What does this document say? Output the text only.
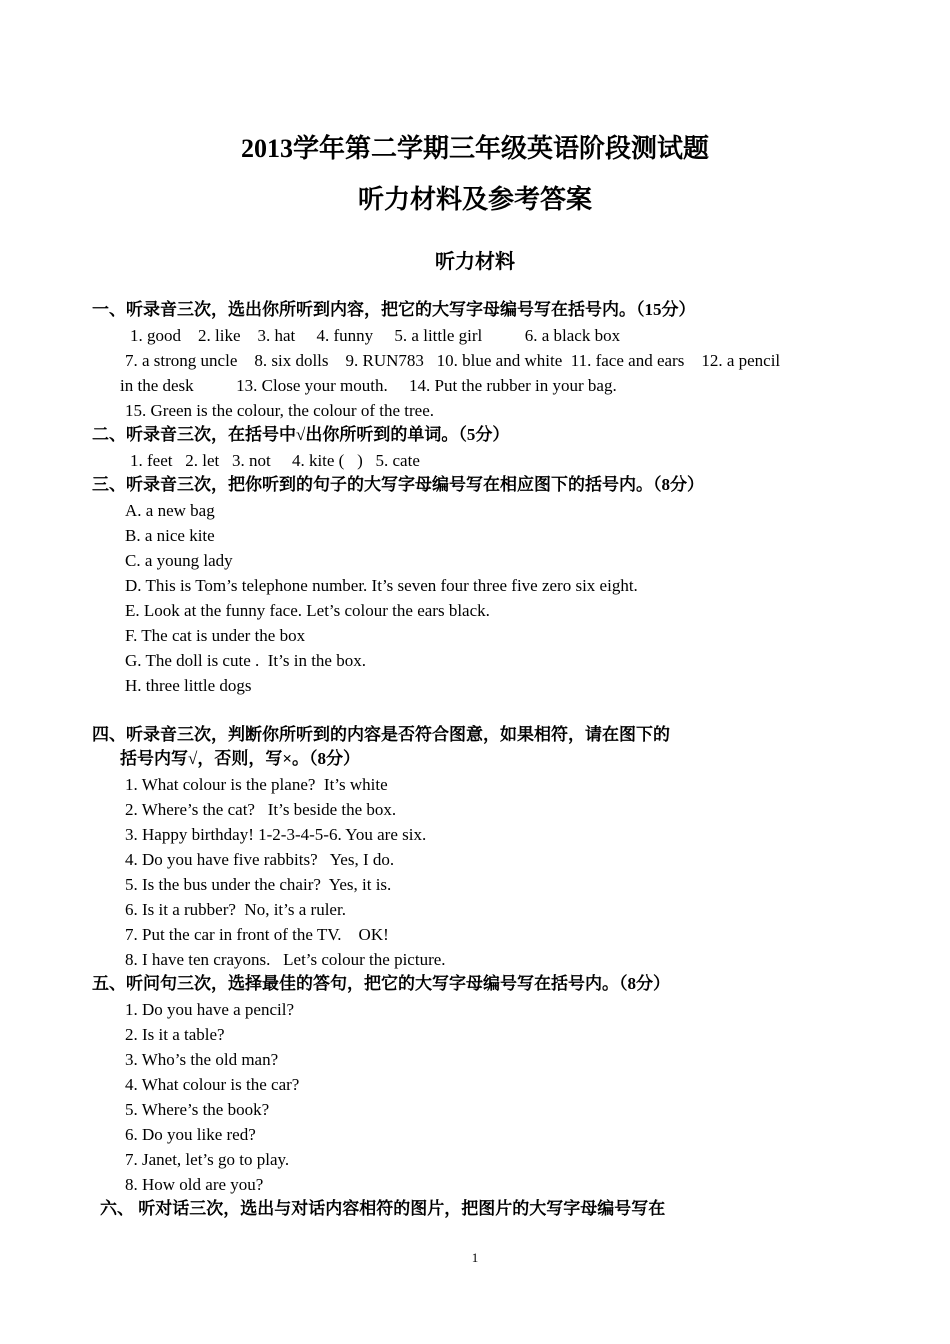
2013学年第二学期三年级英语阶段测试题
听力材料及参考答案
听力材料
一、听录音三次，选出你所听到内容，把它的大写字母编号写在括号内。（15分）
1. good    2. like    3. hat     4. funny     5. a little girl          6. a black box
7. a strong uncle    8. six dolls    9. RUN783   10. blue and white  11. face and ears    12. a pencil
in the desk          13. Close your mouth.     14. Put the rubber in your bag.
15. Green is the colour, the colour of the tree.
二、听录音三次，在括号中√出你所听到的单词。（5分）
1. feet   2. let   3. not     4. kite (   )   5. cate
三、听录音三次，把你听到的句子的大写字母编号写在相应图下的括号内。（8分）
A. a new bag
B. a nice kite
C. a young lady
D. This is Tom’s telephone number. It’s seven four three five zero six eight.
E. Look at the funny face. Let’s colour the ears black.
F. The cat is under the box
G. The doll is cute .  It’s in the box.
H. three little dogs
四、听录音三次，判断你所听到的内容是否符合图意，如果相符，请在图下的
括号内写√，否则，写×。（8分）
1. What colour is the plane?  It’s white
2. Where’s the cat?   It’s beside the box.
3. Happy birthday! 1-2-3-4-5-6. You are six.
4. Do you have five rabbits?   Yes, I do.
5. Is the bus under the chair?  Yes, it is.
6. Is it a rubber?  No, it’s a ruler.
7. Put the car in front of the TV.    OK!
8. I have ten crayons.   Let’s colour the picture.
五、听问句三次，选择最佳的答句，把它的大写字母编号写在括号内。（8分）
1. Do you have a pencil?
2. Is it a table?
3. Who’s the old man?
4. What colour is the car?
5. Where’s the book?
6. Do you like red?
7. Janet, let’s go to play.
8. How old are you?
六、 听对话三次，选出与对话内容相符的图片，把图片的大写字母编号写在
1
